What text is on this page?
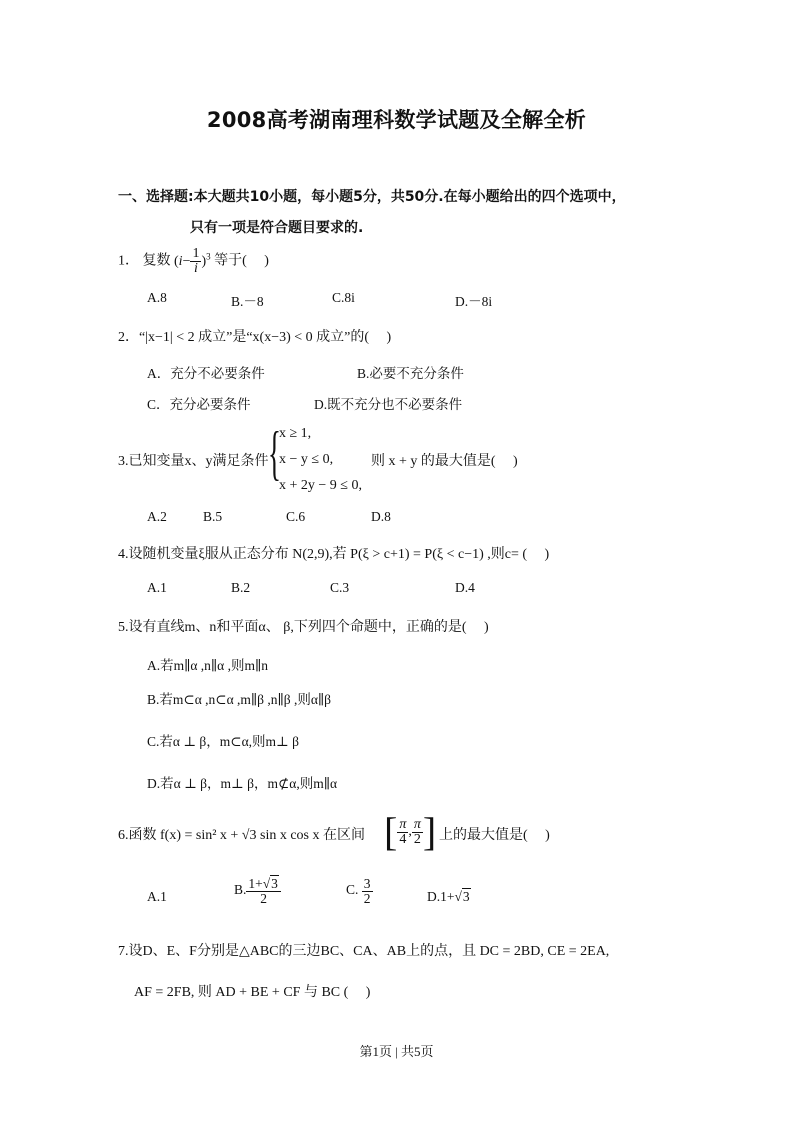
2008高考湖南理科数学试题及全解全析
一、选择题:本大题共10小题，每小题5分，共50分.在每小题给出的四个选项中，
只有一项是符合题目要求的.
1． 复数 $(i- \frac{1}{i} )^3$ 等于(　 )
A.8	B.－8	C.8i	D.－8i
2．“|x−1| < 2 成立”是“x(x−3) < 0 成立”的(　 )
A．充分不必要条件	B.必要不充分条件
C．充分必要条件	D.既不充分也不必要条件
3.已知变量x、y满足条件 {
x ≥ 1,
x − y ≤ 0,
x + 2y − 9 ≤ 0,
则 x + y 的最大值是(　 )
A.2	B.5	C.6	D.8
4.设随机变量ξ服从正态分布 N(2,9),若 P(ξ > c+1) = P(ξ < c−1) ,则c= (　 )
A.1	B.2	C.3	D.4
5.设有直线m、n和平面α、 β,下列四个命题中，正确的是(　 )
A.若m∥α ,n∥α ,则m∥n
B.若m⊂α ,n⊂α ,m∥β ,n∥β ,则α∥β
C.若α ⊥ β，m⊂α,则m⊥ β
D.若α ⊥ β，m⊥ β，m⊄α,则m∥α
6.函数 f(x) = sin² x + √3 sin x cos x 在区间 [ $\frac{\pi}{4}$ , $\frac{\pi}{2}$ ] 上的最大值是(　 )
A.1	B. $\frac{1+√3}{2}$	C. $\frac{3}{2}$	D.1+√3
7.设D、E、F分别是△ABC的三边BC、CA、AB上的点，且 DC = 2BD, CE = 2EA,
AF = 2FB, 则 AD + BE + CF 与 BC (　 )
第1页 | 共5页
